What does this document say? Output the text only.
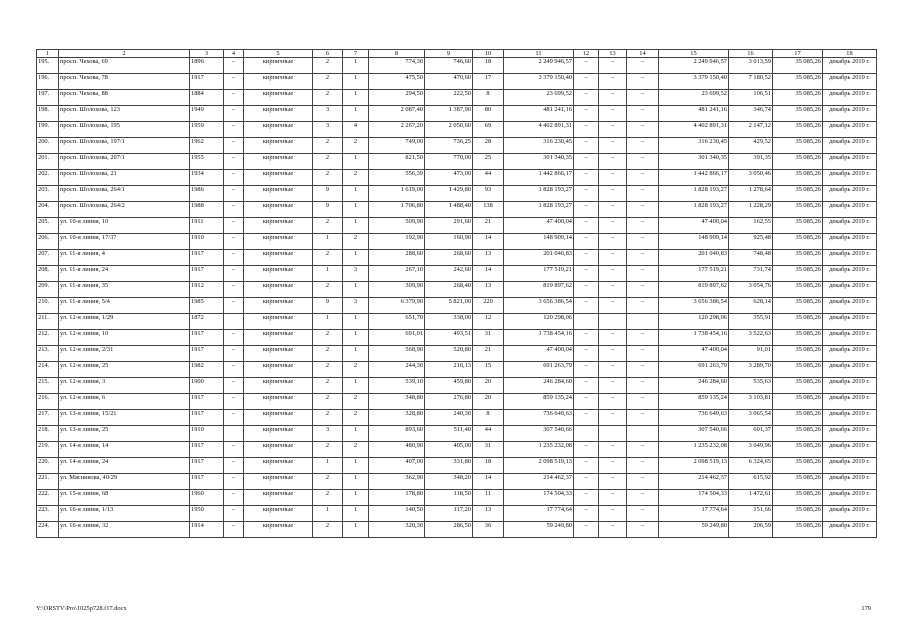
1	2	3	4	5	6	7	8	9	10	11	12	13	14	15	16	17	18
195.	просп. Чехова, 69	1896	–	кирпичные	2	1	774,30	746,60	18	2 249 946,57	–	–	–	2 249 946,57	3 013,59	35 085,26	декабрь 2019 г.
196.	просп. Чехова, 78	1917	–	кирпичные	2	1	475,50	470,60	17	3 379 150,40	–	–	–	3 379 150,40	7 180,52	35 085,26	декабрь 2019 г.
197.	просп. Чехова, 88	1884	–	кирпичные	2	1	294,50	222,50	8	23 699,52	–	–	–	23 699,52	106,51	35 085,26	декабрь 2019 г.
198.	просп. Шолохова, 123	1949	–	кирпичные	3	1	2 087,40	1 387,90	80	481 241,16	–	–	–	481 241,16	346,74	35 085,26	декабрь 2019 г.
199.	просп. Шолохова, 195	1959	–	кирпичные	3	4	2 267,20	2 050,60	69	4 402 891,31	–	–	–	4 402 891,31	2 147,12	35 085,26	декабрь 2019 г.
200.	просп. Шолохова, 197/1	1962	–	кирпичные	2	2	749,00	736,25	28	316 230,45	–	–	–	316 230,45	429,52	35 085,26	декабрь 2019 г.
201.	просп. Шолохова, 207/1	1955	–	кирпичные	2	1	821,50	770,00	25	301 340,35	–	–	–	301 340,35	391,35	35 085,26	декабрь 2019 г.
202.	просп. Шолохова, 21	1934	–	кирпичные	2	2	556,39	473,00	44	1 442 866,17	–	–	–	1 442 866,17	3 050,46	35 085,26	декабрь 2019 г.
203.	просп. Шолохова, 264/1	1986	–	кирпичные	9	1	1 619,00	1 429,80	93	1 828 193,27	–	–	–	1 828 193,27	1 278,64	35 085,26	декабрь 2019 г.
204.	просп. Шолохова, 264/2	1988	–	кирпичные	9	1	1 706,80	1 488,40	138	1 828 193,27	–	–	–	1 828 193,27	1 228,29	35 085,26	декабрь 2019 г.
205.	ул. 10-я линия, 10	1911	–	кирпичные	2	1	509,90	291,60	21	47 400,04	–	–	–	47 400,04	162,55	35 085,26	декабрь 2019 г.
206.	ул. 10-я линия, 17/37	1910	–	кирпичные	1	2	192,90	160,90	14	148 909,14	–	–	–	148 909,14	925,48	35 085,26	декабрь 2019 г.
207.	ул. 11-я линия, 4	1917	–	кирпичные	2	1	288,60	268,60	13	201 040,83	–	–	–	201 040,83	748,48	35 085,26	декабрь 2019 г.
208.	ул. 11-я линия, 24	1917	–	кирпичные	1	3	267,10	242,60	14	177 519,21	–	–	–	177 519,21	731,74	35 085,26	декабрь 2019 г.
209.	ул. 11-я линия, 35	1912	–	кирпичные	2	1	309,90	268,40	13	819 897,62	–	–	–	819 897,62	3 054,76	35 085,26	декабрь 2019 г.
210.	ул. 11-я линия, 5/4	1985	–	кирпичные	9	3	6 379,90	5 821,00	220	3 656 386,54	–	–	–	3 656 386,54	628,14	35 085,26	декабрь 2019 г.
211.	ул. 12-я линия, 1/29	1872		кирпичные	1	1	651,70	338,00	12	120 298,06				120 298,06	355,91	35 085,26	декабрь 2019 г.
212.	ул. 12-я линия, 10	1917	–	кирпичные	2	1	691,01	493,51	31	1 738 454,16	–	–	–	1 738 454,16	3 522,63	35 085,26	декабрь 2019 г.
213.	ул. 12-я линия, 2/31	1917	–	кирпичные	2	1	568,90	520,80	21	47 400,04	–	–	–	47 400,04	91,01	35 085,26	декабрь 2019 г.
214.	ул. 12-я линия, 25	1982	–	кирпичные	2	2	244,30	210,13	15	691 263,79	–	–	–	691 263,79	3 289,70	35 085,26	декабрь 2019 г.
215.	ул. 12-я линия, 3	1900	–	кирпичные	2	1	539,10	459,80	20	246 284,60	–	–	–	246 284,60	535,63	35 085,26	декабрь 2019 г.
216.	ул. 12-я линия, 6	1917	–	кирпичные	2	2	348,80	276,80	20	859 135,24	–	–	–	859 135,24	3 103,81	35 085,26	декабрь 2019 г.
217.	ул. 13-я линия, 15/21	1917	–	кирпичные	2	2	328,80	240,30	8	736 649,63	–	–	–	736 649,63	3 065,54	35 085,26	декабрь 2019 г.
218.	ул. 13-я линия, 25	1910		кирпичные	3	1	893,60	511,40	44	307 540,66				307 540,66	601,37	35 085,26	декабрь 2019 г.
219.	ул. 14-я линия, 14	1917	–	кирпичные	2	2	480,90	405,00	31	1 235 232,08	–	–	–	1 235 232,08	3 049,96	35 085,26	декабрь 2019 г.
220.	ул. 14-я линия, 24	1917	–	кирпичные	1	1	407,00	331,80	18	2 098 519,13	–	–	–	2 098 519,13	6 324,65	35 085,26	декабрь 2019 г.
221.	ул. Мясникова, 40/29	1917	–	кирпичные	2	1	362,90	348,20	14	214 462,37	–	–	–	214 462,37	615,92	35 085,26	декабрь 2019 г.
222.	ул. 15-я линия, 68	1960	–	кирпичные	2	1	178,80	118,50	11	174 504,33	–	–	–	174 504,33	1 472,61	35 085,26	декабрь 2019 г.
223.	ул. 16-я линия, 1/13	1950	–	кирпичные	1	1	140,50	117,20	13	17 774,64	–	–	–	17 774,64	151,66	35 085,26	декабрь 2019 г.
224.	ул. 16-я линия, 32	1914	–	кирпичные	2	1	320,30	286,50	36	59 249,80	–	–	–	59 249,80	206,59	35 085,26	декабрь 2019 г.
Y:\ORSTV\Pro\1025p728.f17.docx	179
